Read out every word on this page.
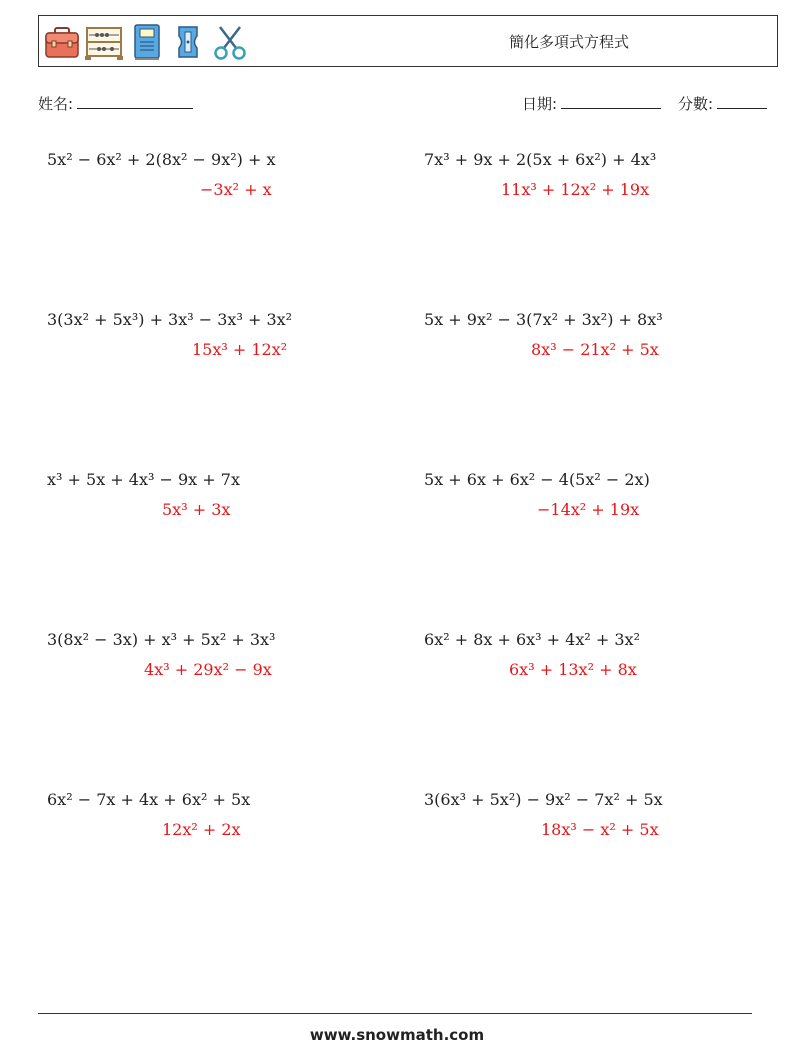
簡化多項式方程式
姓名:	日期:	分數:
5x² − 6x² + 2(8x² − 9x²) + x
−3x² + x
7x³ + 9x + 2(5x + 6x²) + 4x³
11x³ + 12x² + 19x
3(3x² + 5x³) + 3x³ − 3x³ + 3x²
15x³ + 12x²
5x + 9x² − 3(7x² + 3x²) + 8x³
8x³ − 21x² + 5x
x³ + 5x + 4x³ − 9x + 7x
5x³ + 3x
5x + 6x + 6x² − 4(5x² − 2x)
−14x² + 19x
3(8x² − 3x) + x³ + 5x² + 3x³
4x³ + 29x² − 9x
6x² + 8x + 6x³ + 4x² + 3x²
6x³ + 13x² + 8x
6x² − 7x + 4x + 6x² + 5x
12x² + 2x
3(6x³ + 5x²) − 9x² − 7x² + 5x
18x³ − x² + 5x
www.snowmath.com
